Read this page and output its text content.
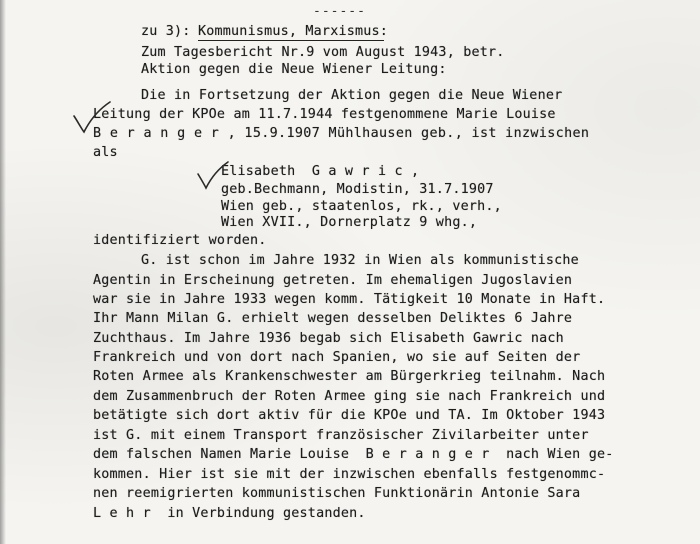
------
zu 3): Kommunismus, Marxismus:
Zum Tagesbericht Nr.9 vom August 1943, betr.
Aktion gegen die Neue Wiener Leitung:
Die in Fortsetzung der Aktion gegen die Neue Wiener
Leitung der KPOe am 11.7.1944 festgenommene Marie Louise
B e r a n g e r , 15.9.1907 Mühlhausen geb., ist inzwischen
als
Elisabeth  G a w r i c ,
geb.Bechmann, Modistin, 31.7.1907
Wien geb., staatenlos, rk., verh.,
Wien XVII., Dornerplatz 9 whg.,
identifiziert worden.
G. ist schon im Jahre 1932 in Wien als kommunistische
Agentin in Erscheinung getreten. Im ehemaligen Jugoslavien
war sie in Jahre 1933 wegen komm. Tätigkeit 10 Monate in Haft.
Ihr Mann Milan G. erhielt wegen desselben Deliktes 6 Jahre
Zuchthaus. Im Jahre 1936 begab sich Elisabeth Gawric nach
Frankreich und von dort nach Spanien, wo sie auf Seiten der
Roten Armee als Krankenschwester am Bürgerkrieg teilnahm. Nach
dem Zusammenbruch der Roten Armee ging sie nach Frankreich und
betätigte sich dort aktiv für die KPOe und TA. Im Oktober 1943
ist G. mit einem Transport französischer Zivilarbeiter unter
dem falschen Namen Marie Louise  B e r a n g e r  nach Wien ge-
kommen. Hier ist sie mit der inzwischen ebenfalls festgenommc-
nen reemigrierten kommunistischen Funktionärin Antonie Sara
L e h r  in Verbindung gestanden.
